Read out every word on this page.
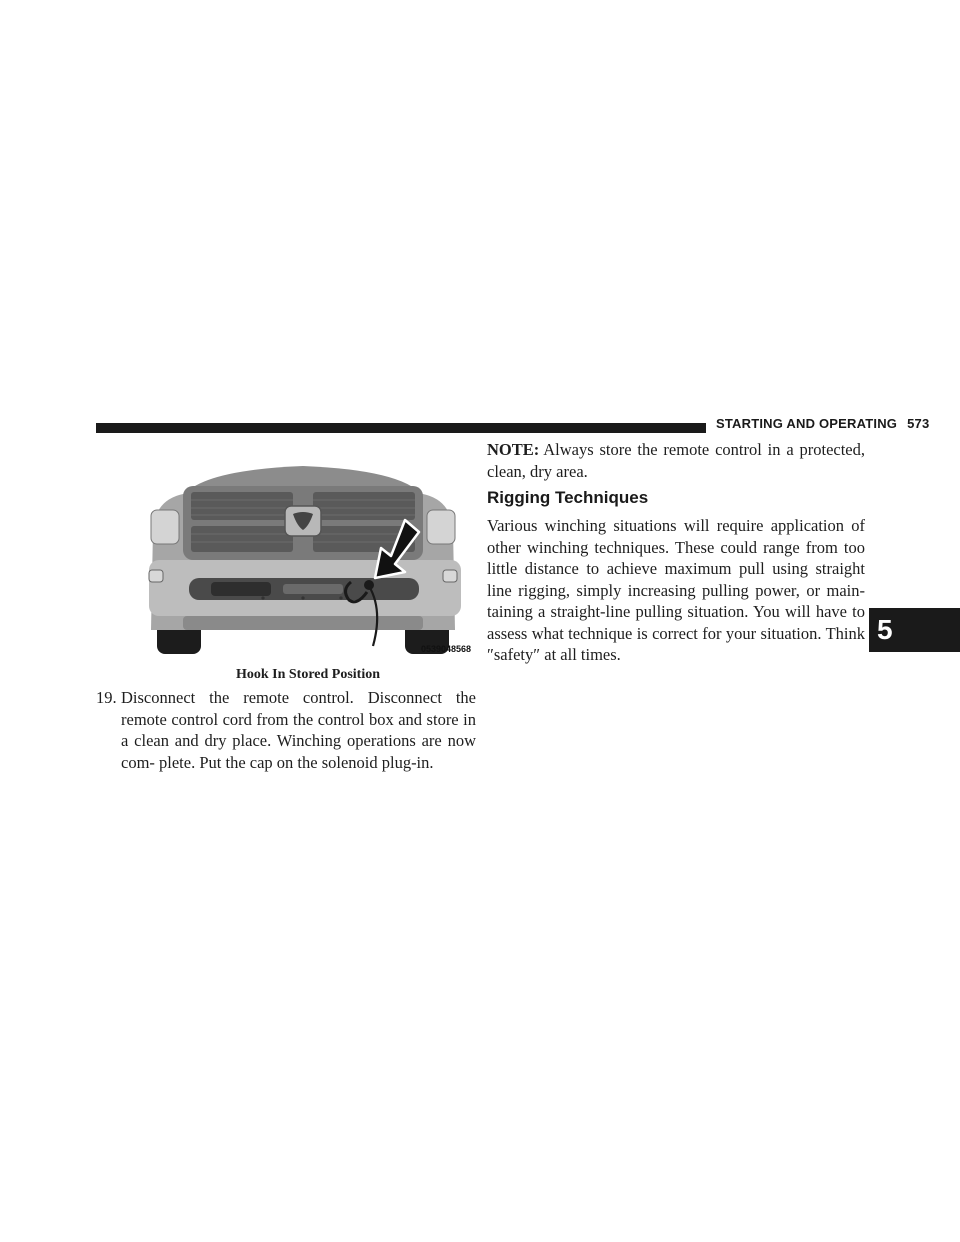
STARTING AND OPERATING 573
0539048568
Hook In Stored Position
19. Disconnect the remote control. Disconnect the remote control cord from the control box and store in a clean and dry place. Winching operations are now com- plete. Put the cap on the solenoid plug-in.
NOTE: Always store the remote control in a protected, clean, dry area.
Rigging Techniques
Various winching situations will require application of other winching techniques. These could range from too little distance to achieve maximum pull using straight line rigging, simply increasing pulling power, or main- taining a straight-line pulling situation. You will have to assess what technique is correct for your situation. Think ″safety″ at all times.
5
